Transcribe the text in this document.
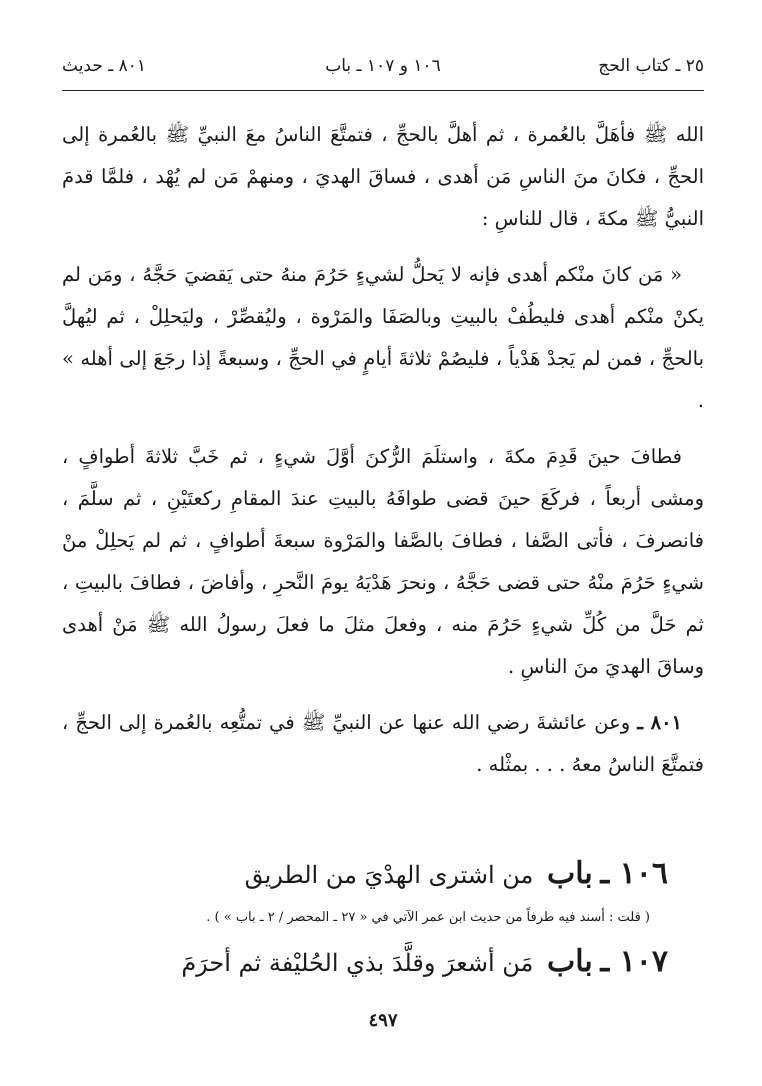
٢٥ ـ كتاب الحج
١٠٦ و ١٠٧ ـ باب
٨٠١ ـ حديث

الله ﷺ فأهَلَّ بالعُمرة ، ثم أهلَّ بالحجِّ ، فتمتَّعَ الناسُ معَ النبيِّ ﷺ بالعُمرة إلى الحجِّ ، فكانَ منَ الناسِ مَن أهدى ، فساقَ الهديَ ، ومنهمْ مَن لم يُهْد ، فلمَّا قدمَ النبيُّ ﷺ مكةَ ، قال للناسِ :

« مَن كانَ منْكم أهدى فإنه لا يَحلُّ لشيءٍ حَرُمَ منهُ حتى يَقضيَ حَجَّهُ ، ومَن لم يكنْ منْكم أهدى فليطُفْ بالبيتِ وبالصَفَا والمَرْوة ، وليُقصِّرْ ، وليَحلِلْ ، ثم ليُهلَّ بالحجِّ ، فمن لم يَجدْ هَدْياً ، فليصُمْ ثلاثةَ أيامٍ في الحجِّ ، وسبعةً إذا رجَعَ إلى أهله » .

فطافَ حينَ قَدِمَ مكةَ ، واستلَمَ الرُّكنَ أوَّلَ شيءٍ ، ثم خَبَّ ثلاثةَ أطوافٍ ، ومشى أربعاً ، فركَعَ حينَ قضى طوافَهُ بالبيتِ عندَ المقامِ ركعتَيْنِ ، ثم سلَّمَ ، فانصرفَ ، فأتى الصَّفا ، فطافَ بالصَّفا والمَرْوة سبعةَ أطوافٍ ، ثم لم يَحلِلْ منْ شيءٍ حَرُمَ منْهُ حتى قضى حَجَّهُ ، ونحرَ هَدْيَهُ يومَ النَّحرِ ، وأفاضَ ، فطافَ بالبيتِ ، ثم حَلَّ من كُلِّ شيءٍ حَرُمَ منه ، وفعلَ مثلَ ما فعلَ رسولُ الله ﷺ مَنْ أهدى وساقَ الهديَ منَ الناسِ .

٨٠١ ـ وعن عائشةَ رضي الله عنها عن النبيِّ ﷺ في تمتُّعِه بالعُمرة إلى الحجِّ ، فتمتَّعَ الناسُ معهُ . . . بمثْله .

١٠٦ ـ باب من اشترى الهدْيَ من الطريق
( قلت : أسند فيه طرفاً من حديث ابن عمر الآتي في « ٢٧ ـ المحصر / ٢ ـ باب » ) .
١٠٧ ـ باب مَن أشعرَ وقلَّدَ بذي الحُليْفة ثم أحرَمَ
٤٩٧
